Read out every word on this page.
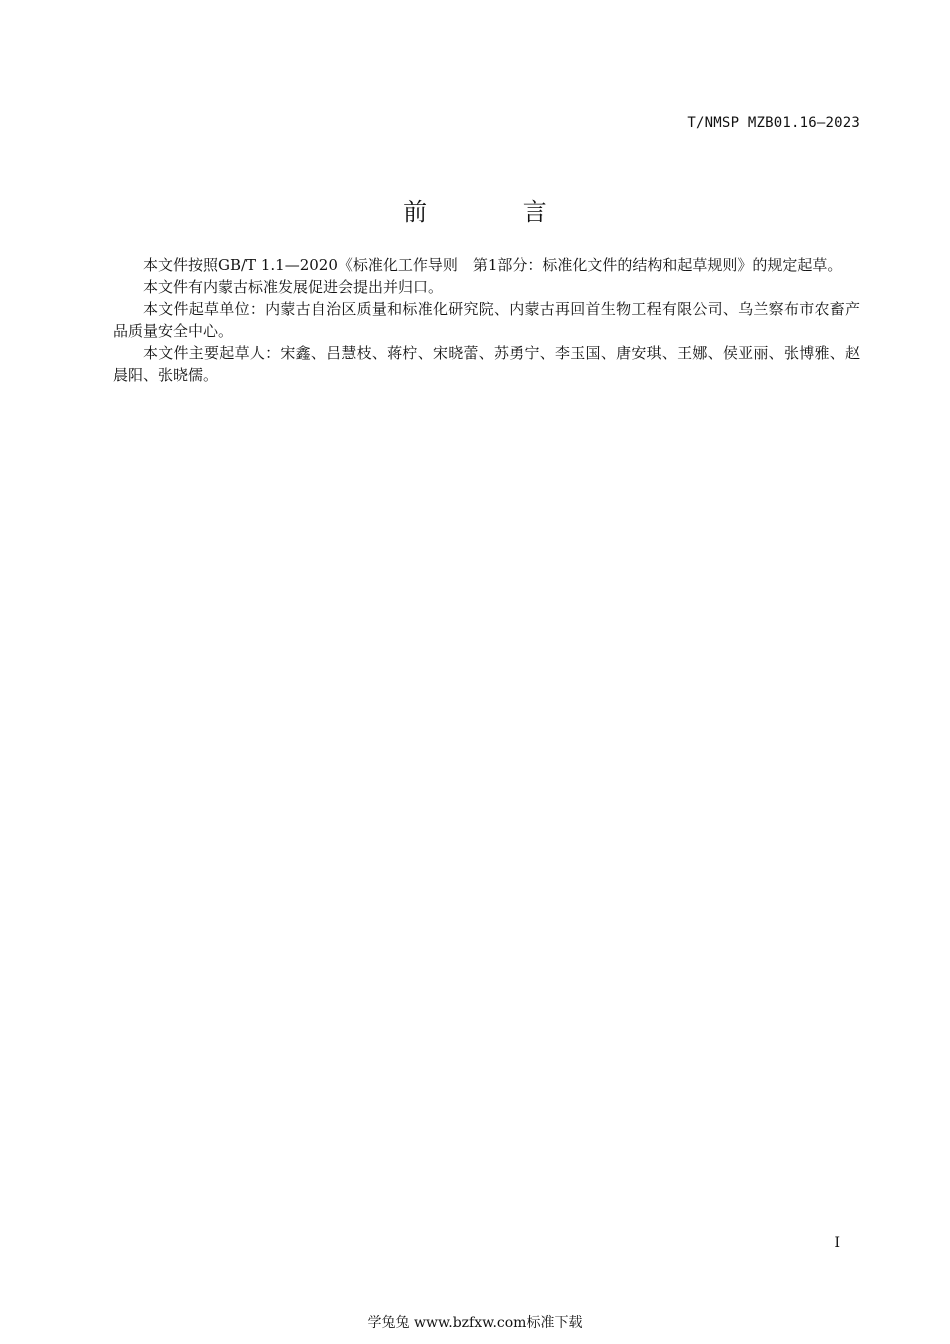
T/NMSP MZB01.16—2023
前 言

本文件按照GB/T 1.1—2020《标准化工作导则　第1部分：标准化文件的结构和起草规则》的规定起草。

本文件有内蒙古标准发展促进会提出并归口。

本文件起草单位：内蒙古自治区质量和标准化研究院、内蒙古再回首生物工程有限公司、乌兰察布市农畜产品质量安全中心。

本文件主要起草人：宋鑫、吕慧枝、蒋柠、宋晓蕾、苏勇宁、李玉国、唐安琪、王娜、侯亚丽、张博雅、赵晨阳、张晓儒。

I
学兔兔 www.bzfxw.com标准下载
